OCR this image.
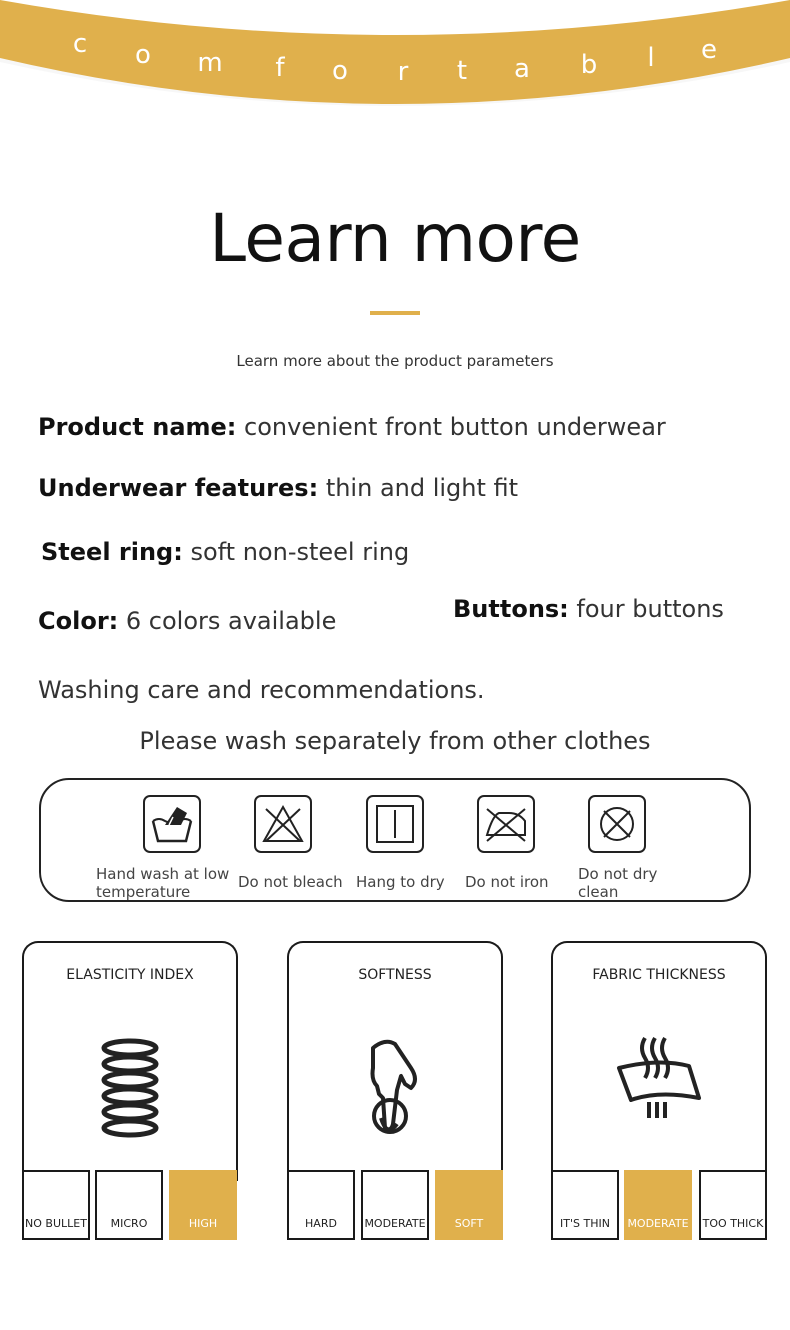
c o m f o r t a b l e
Learn more
Learn more about the product parameters
Product name: convenient front button underwear
Underwear features: thin and light fit
Steel ring: soft non-steel ring
Color: 6 colors available	Buttons: four buttons
Washing care and recommendations.
Please wash separately from other clothes
Hand wash at low
temperature
Do not bleach Hang to dry Do not iron Do not dry
clean
ELASTICITY INDEX
NO BULLET	MICRO	HIGH
SOFTNESS
HARD	MODERATE	SOFT
FABRIC THICKNESS
IT'S THIN	MODERATE	TOO THICK
